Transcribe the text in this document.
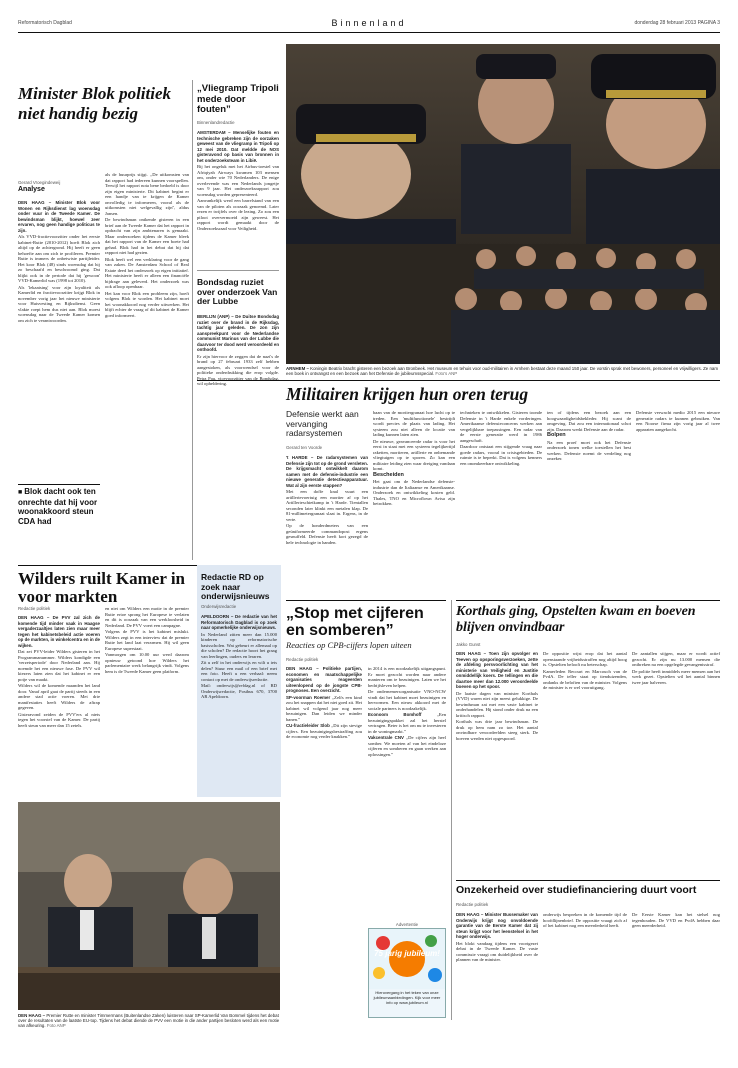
Reformatorisch Dagblad	Binnenland	donderdag 28 februari 2013 PAGINA 3
Minister Blok politiek niet handig bezig
Gerard Vroegindeweij
Analyse

DEN HAAG – Minister Blok voor Wonen en Rijksdienst lag woensdag onder vuur in de Tweede Kamer. De bewindsman blijkt, hoewel zeer ervaren, nog geen handige politicus te zijn.

Als VVD-fractievoorzitter onder het eerste kabinet-Rutte (2010-2012) hoeft Blok zich altijd op de achtergrond. Hij heeft er geen behoefte aan om zich te profileren. Premier Rutte is immers de onbetwiste partijleider. Het koor Blok (48) sinds woensdag dat hij zo beschaafd en beschroomd ging. Dat blijkt ook in de periode dat hij 'gewoon' VVD-Kamerlid was (1998 tot 2010).

Als 'lekaatsing' voor zijn loyaliteit als Kamerlid en fractievoorzitter krijgt Blok in november vorig jaar het nieuwe ministerie voor Huisvesting en Rijksdienst. Geen vlakte roept hem dus niet aan. Blok moest woensdag naar de Tweede Kamer komen om zich te verantwoorden.

■ Blok dacht ook ten onrechte dat hij voor woonakkoord steun CDA had

als de huurprijs stijgt. ,,De uitkomsten van dat rapport had iedereen kunnen voorspellen. Terwijl het rapport nota bene bedoeld is door zijn eigen ministerie. Dit kabinet begint er een handje van te krijgen de Kamer onvolledig te informeren, vooral als de uitkomsten niet welgevallig zijn'', aldus Jansen.

De bewindsman ontkende gisteren in een brief aan de Tweede Kamer dat het rapport in opdracht van zijn ambtenaren is gemaakt. Maar onderzoeken tijdens de Kamer bleek dat het rapport van de Kamer een boete had gehad. Blok had in het debat dat hij dat rapport niet had gezien.

Blok heeft wel een verklaring voor de gang van zaken. De Amsterdam School of Real Estate deed het onderzoek op eigen initiatief. Het ministerie heeft er alleen een financiële bijdrage aan geleverd. Het onderzoek was ook afloop openbaar.

Het kan voor Blok een probleem zijn, hoeft volgens Blok te worden. Het kabinet moet het woonakkoord nog verder uitwerken. Het blijft echter de vraag of dit kabinet de Kamer goed informeert.

„Vliegramp Tripoli mede door fouten”
Binnenlandredactie

AMSTERDAM – Menselijke fouten en technische gebreken zijn de oorzaken geweest van de vliegramp in Tripoli op 12 mei 2010. Dat meldde de NOS gisteravond op basis van bronnen in het onderzoeksteam in Libië.

Bij het ongeluk met het Airbus-toestel van Afriqiyah Airways kwamen 103 mensen om, onder wie 70 Nederlanders. De enige overlevende was een Nederlands jongetje van 9 jaar. Het onderzoeksrapport zou woensdag worden gepresenteerd.

Aanvankelijk werd een barrelstand van een van de piloten als oorzaak genoemd. Later rezen er twijfels over de lezing. Zo zou een piloot oververmoeid zijn geweest. Het rapport wordt gemaakt door de Onderzoeksraad voor Veiligheid.

Bondsdag ruziet over onderzoek Van der Lubbe

BERLIJN (ANP) – De Duitse Bondsdag ruziet over de brand in de Rijksdag, tachtig jaar geleden. De zon zijn aanspreekpunt voor de Nederlandse communist Marinus van der Lubbe die daarvoor ter dood werd veroordeeld en onthoofd.

Er zijn hiervoor de zeggen dat de nazi's de brand op 27 februari 1933 zelf hebben aangestoken, als voorwendsel voor de politieke onderdrukking die erop volgde. Petra Pau, vicevoorzitter van de Bondsdag, wil opheldering.

ARNHEM – Koningin Beatrix bracht gisteren een bezoek aan Bronbeek. Het museum en tehuis voor oud-militairen in Arnhem bestaat deze maand 150 jaar. De vorstin sprak met bewoners, personeel en vrijwilligers. Ze nam een boek in ontvangst en een bezoek aan het Defensie de jubileumsspecial. Foto's ANP
Militairen krijgen hun oren terug
Defensie werkt aan vervanging radarsystemen
Gerard ten Voorde

't HARDE – De radarsystemen van Defensie zijn tot op de grond versleten. De krijgsmacht ontwikkelt daarom samen met de defensie-industrie een nieuwe generatie detectieapparatuur. Wat al zijn eerste stappen?

Met een doffe knal vuurt een artillerievoertuig een mortier af op het Artillerieschietkamp in 't Harde. Tientallen seconden later klinkt een metalen klap. De 81-millimetergranaat slaat in. Ergens, in de verte.

Op de honderdmeters van een geüniformeerde commandopost ergens gesnuffeld. Defensie heeft kort gezegd de hele technologie in handen.

baan van de mortiergranaat hoe lucht op te treden. Een 'multifunctionele' bestrijdt wordt precies de plaats van lading. Het systeem zou niet alleen de locatie van lading kunnen laten zien.

De nieuwe, geavanceerde radar is voor het eerst in staat met een systeem tegelijkertijd raketten, mortieren, artillerie en onbemande vliegtuigen op te sporen. Zo kan een militaire leiding zien waar dreiging vandaan komt.

Bescheiden

Het gaat om de Nederlandse defensie-industrie dan de Italiaanse en Amerikaanse. Onderzoek en ontwikkeling kosten geld. Thales, TNO en Microflown Avisa zijn betrokken.

technieken te ontwikkelen. Gisteren toonde Defensie in 't Harde enkele vorderingen. Amerikaanse defensieconcerns werken aan vergelijkbare toepassingen. Een radar van de eerste generatie werd in 1986 aangeschaft.

Daardoor ontstaat een stijgende vraag naar goede radars, vooral in crisisgebieden. De ruimte is te beperkt. Dat is volgens kenners een onomkeerbare ontwikkeling.

ten of tijdens een bezoek aan een hoogwaardigheidsbekleder. Hij scant de omgeving. Dat zou een internationaal schot zijn. Daarom werkt Defensie aan de radar.

Bolpen

Na een proef moet ook het Defensie onderzoek tonen welke toestellen het best werken. Defensie noemt de verdeling nog onzeker.

Defensie verwacht medio 2015 een nieuwe generatie radars te kunnen gebruiken. Van een Noorse firma zijn vorig jaar al twee apparaten aangekocht.

Wilders ruilt Kamer in voor markten
Redactie politiek

DEN HAAG – De PVV zal zich de komende tijd minder vaak in Haagse vergaderzaaltjes laten zien maar meer tegen het kabinetsbeleid actie voeren op de markten, in winkelcentra en in de wijken.

Dat zei PVV-leider Wilders gisteren in het Programmanummer. Wilders kondigde een 'verzetsperiode' door Nederland aan. Hij noemde het een nieuwe fase. De PVV wil kiezers laten zien dat het kabinet er een potje van maakt.

Wilders wil de komende maanden het land door. Vanaf april gaat de partij steeds in een andere stad actie voeren. Met drie manifestaties heeft Wilders de aftrap gegeven.

Gisteravond zeiden de PVV'ers al niets tegen het voorstel van de Kamer. De partij heeft steun van meer dan 15 zetels.

en niet om Wilders een motie in de premier Rutte ertoe sprong het Europese te verlaten en dit is oorzaak van een werkloosheid in Nederland. De PVV voert een campagne.

Volgens de PVV is het kabinet mislukt. Wilders zegt in een interview dat de premier Rutte het land laat verarmen. Hij wil geen Europese superstaat.

Vanmorgen om 10.00 uur werd daarom opnieuw getoond hoe Wilders het parlementaire werk belangrijk vindt. Volgens hem is de Tweede Kamer geen platform.

Redactie RD op zoek naar onderwijsnieuws
Onderwijsredactie

APELDOORN – De redactie van het Reformatorisch Dagblad is op zoek naar opmerkelijke onderwijsnieuws.

In Nederland zitten meer dan 15.000 kinderen op reformatorische basisscholen. Wat gebeurt er allemaal op die scholen? De redactie hoort het graag van leerlingen, ouders en leraren.

Zit u zelf in het onderwijs en wilt u iets delen? Stuur een mail of een brief met een foto. Heeft u een verhaal: neem contact op met de onderwijsredactie.

Mail: onderwijs@refdag.nl of RD Onderwijsredactie, Postbus 670, 3700 AR Apeldoorn.

„Stop met cijferen en somberen”
Reacties op CPB-cijfers lopen uiteen
Redactie politiek

DEN HAAG – Politieke partijen, economen en maatschappelijke organisaties reageerden uiteenlopend op de jongste CPB-prognoses. Een overzicht.

SP-voorman Roemer „Zelfs een kind zou het snappen dat het niet goed zit. Het kabinet wil volgend jaar nog meer bezuinigen. Dan leiden we minder banen.”

CU-fractieleider Slob „Dit zijn stevige cijfers. Een bezuinigingsbestraffing zou de economie nog verder knakken.”

in 2014 is een noodzakelijk uitgangspunt. Er moet gezocht worden naar andere manieren om te bezuinigen. Laten we het bedrijfsleven helpen.

De ondernemersorganisatie VNO-NCW vindt dat het kabinet moet bezuinigen en hervormen. Een nieuw akkoord met de sociale partners is noodzakelijk.

Econoom Bomhoff	„Een bezuinigingspakket zal het herstel vertragen. Beter is het om nu te investeren in de woningmarkt.”

Vakcentrale CNV „De cijfers zijn heel somber. We moeten af van het eindeloze cijferen en somberen en gaan werken aan oplossingen.”

Korthals ging, Opstelten kwam en boeven blijven onvindbaar
Jakko Gunst

DEN HAAG – Toen zijn opvolger en Teeven op opsporingsverzoeken, zette de afdeling persvoorlichting van het ministerie van Veiligheid en Justitie onmiddellijk koers. De tellingen en die daartoe meer dan 12.000 veroordeelde boeven op het spoor.

De laatste dagen van minister Korthals (VVD) waren niet zijn meest gelukkige. De bewindsman zat met een vaste kabinet te onderhandelen. Hij stond onder druk na een kritisch rapport.

Korthals was drie jaar bewindsman. De druk op hem nam zo toe. Het aantal onvindbare veroordeelden steeg sterk. De boeven werden niet opgespoord.

De oppositie wijst erop dat het aantal openstaande vrijheidsstraffen nog altijd hoog is. Opstelten belooft nu beterschap.

Kamerleden Recourt en Marcouch van de PvdA. De teller staat op tienduizenden, ondanks de beloften van de minister. Volgens de minister is er wel vooruitgang.

De aantallen stijgen, maar er wordt actief gezocht. Er zijn nu 13.000 mensen die ontbreken na een opgelegde gevangenisstraf.

De politie heeft inmiddels meer mensen aan het werk gezet. Opstelten wil het aantal binnen twee jaar halveren.

Onzekerheid over studiefinanciering duurt voort
Redactie politiek

DEN HAAG – Minister Bussemaker van Onderwijs krijgt nog onvoldoende garantie van de Eerste Kamer dat zij steun krijgt voor het leenstelsel in het hoger onderwijs.

Het blokt vandaag tijdens een voortgezet debat in de Tweede Kamer. De vaste commissie vraagt om duidelijkheid over de plannen van de minister.

onderwijs bespreken in de komende tijd de hoofdlijnenbrief. De oppositie vraagt zich af of het kabinet nog een meerderheid heeft.

De Eerste Kamer kan het stelsel nog tegenhouden. De VVD en PvdA hebben daar geen meerderheid.

Advertentie
75 jarig jubileum!
Hierovergang in het teken van onze jubileumaanbiedingen. Kijk voor meer info op www.jubileum.nl
DEN HAAG – Premier Rutte en minister Timmermans (Buitenlandse Zaken) luisteren naar SP-Kamerlid Van Bommel tijdens het debat over de resultaten van de laatste EU-top. Tijdens het debat diende de PVV een motie in die ander partijen besloten werd als een motie van afkeuring. Foto ANP
